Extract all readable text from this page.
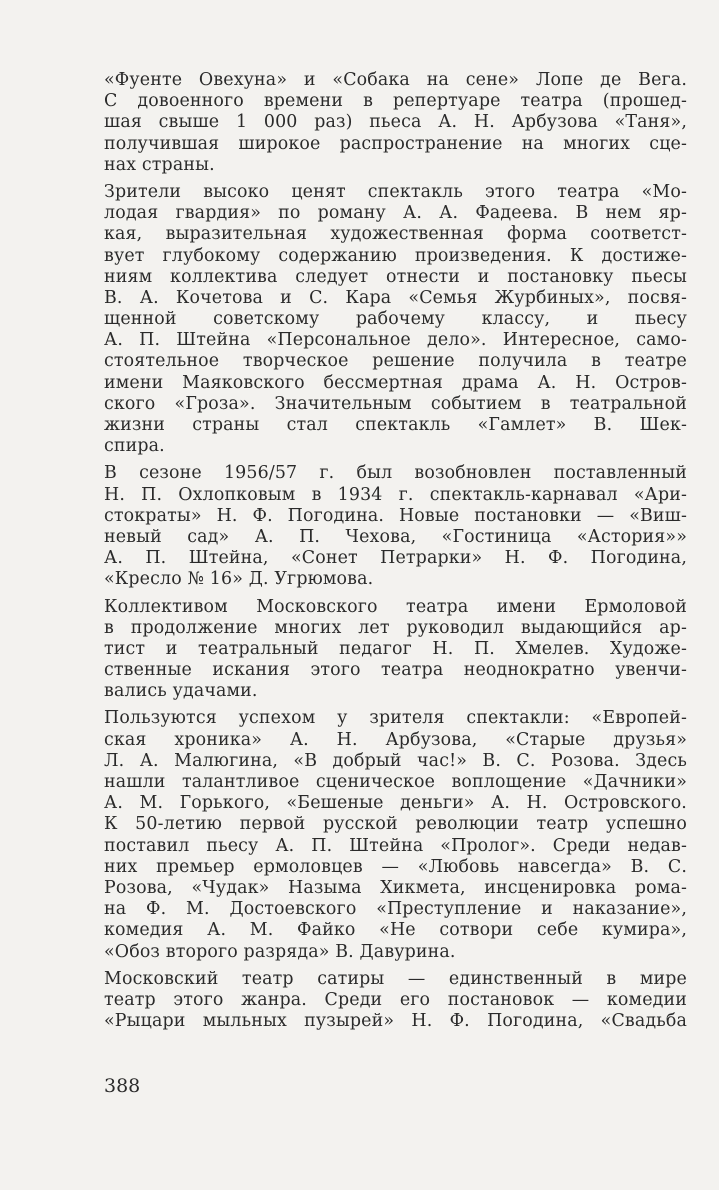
«Фуенте Овехуна» и «Собака на сене» Лопе де Вега.
С довоенного времени в репертуаре театра (прошед-
шая свыше 1 000 раз) пьеса А. Н. Арбузова «Таня»,
получившая широкое распространение на многих сце-
нах страны.
Зрители высоко ценят спектакль этого театра «Мо-
лодая гвардия» по роману А. А. Фадеева. В нем яр-
кая, выразительная художественная форма соответст-
вует глубокому содержанию произведения. К достиже-
ниям коллектива следует отнести и постановку пьесы
В. А. Кочетова и С. Кара «Семья Журбиных», посвя-
щенной советскому рабочему классу, и пьесу
А. П. Штейна «Персональное дело». Интересное, само-
стоятельное творческое решение получила в театре
имени Маяковского бессмертная драма А. Н. Остров-
ского «Гроза». Значительным событием в театральной
жизни страны стал спектакль «Гамлет» В. Шек-
спира.
В сезоне 1956/57 г. был возобновлен поставленный
Н. П. Охлопковым в 1934 г. спектакль-карнавал «Ари-
стократы» Н. Ф. Погодина. Новые постановки — «Виш-
невый сад» А. П. Чехова, «Гостиница «Астория»»
А. П. Штейна, «Сонет Петрарки» Н. Ф. Погодина,
«Кресло № 16» Д. Угрюмова.
Коллективом Московского театра имени Ермоловой
в продолжение многих лет руководил выдающийся ар-
тист и театральный педагог Н. П. Хмелев. Художе-
ственные искания этого театра неоднократно увенчи-
вались удачами.
Пользуются успехом у зрителя спектакли: «Европей-
ская хроника» А. Н. Арбузова, «Старые друзья»
Л. А. Малюгина, «В добрый час!» В. С. Розова. Здесь
нашли талантливое сценическое воплощение «Дачники»
А. М. Горького, «Бешеные деньги» А. Н. Островского.
К 50-летию первой русской революции театр успешно
поставил пьесу А. П. Штейна «Пролог». Среди недав-
них премьер ермоловцев — «Любовь навсегда» В. С.
Розова, «Чудак» Назыма Хикмета, инсценировка рома-
на Ф. М. Достоевского «Преступление и наказание»,
комедия А. М. Файко «Не сотвори себе кумира»,
«Обоз второго разряда» В. Давурина.
Московский театр сатиры — единственный в мире
театр этого жанра. Среди его постановок — комедии
«Рыцари мыльных пузырей» Н. Ф. Погодина, «Свадьба
388
